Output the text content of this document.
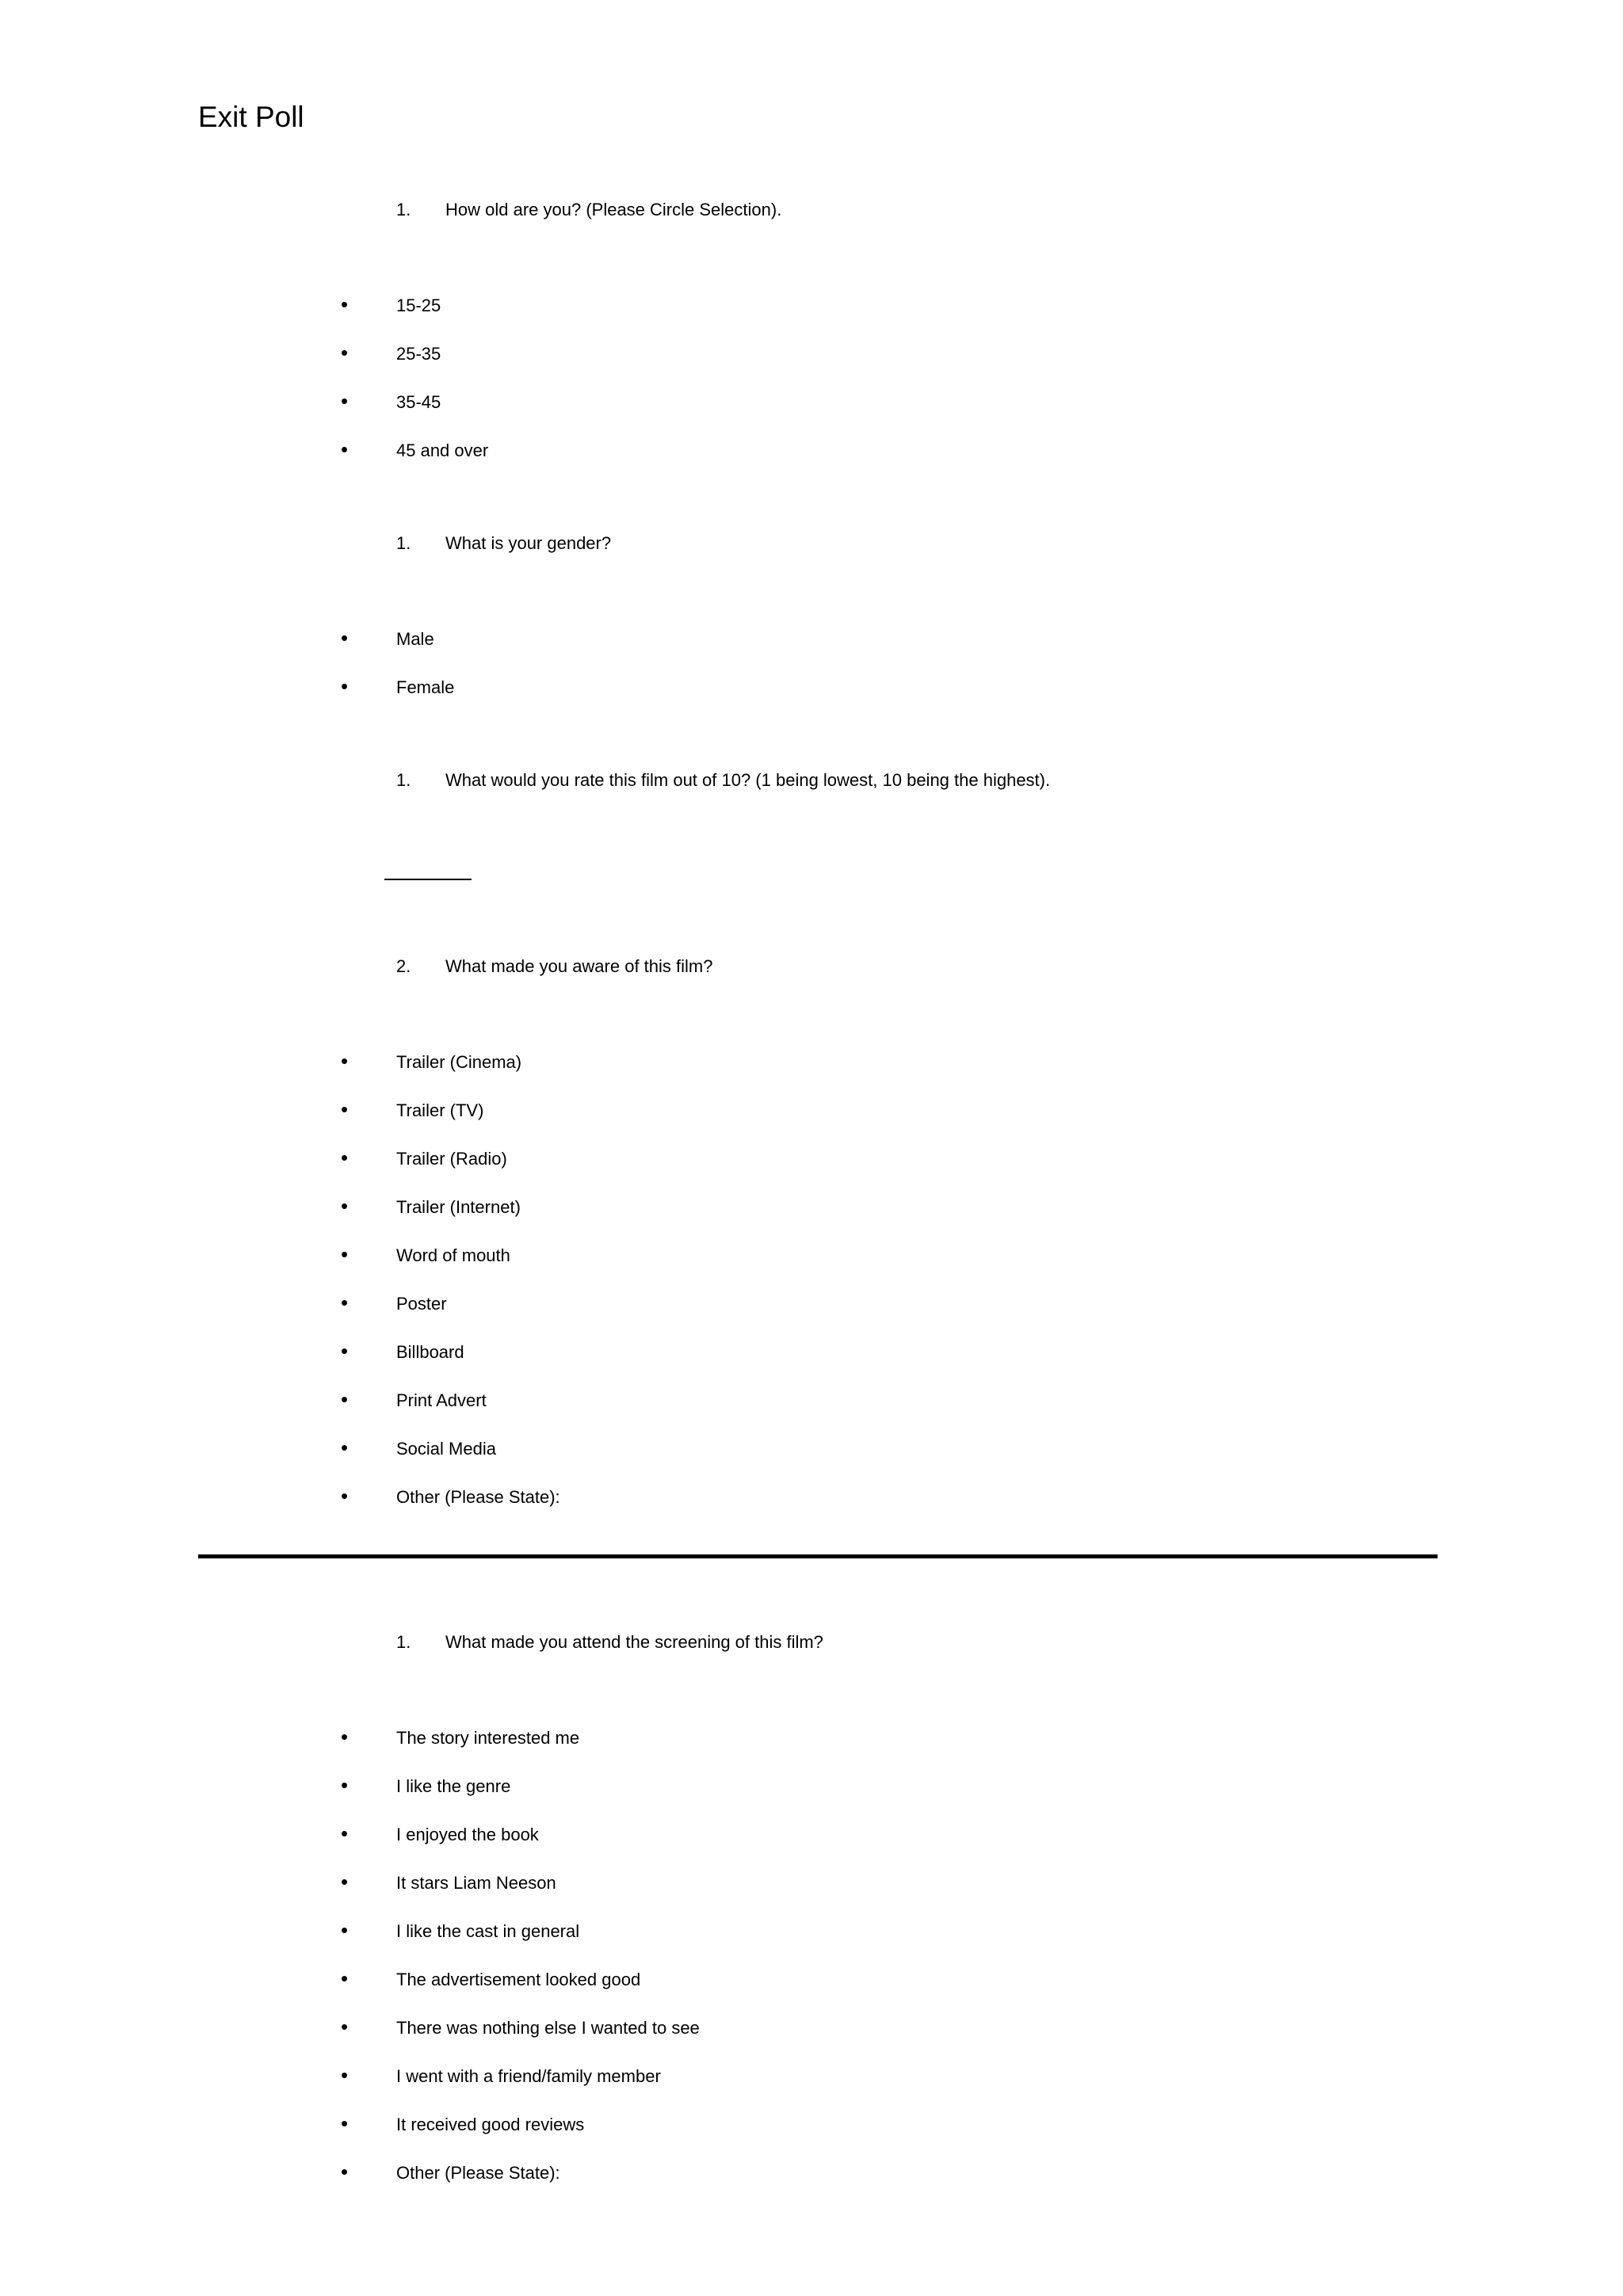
Exit Poll
1. How old are you? (Please Circle Selection).
•	15-25
•	25-35
•	35-45
•	45 and over
1. What is your gender?
•	Male
•	Female
1. What would you rate this film out of 10? (1 being lowest, 10 being the highest).
2. What made you aware of this film?
•	Trailer (Cinema)
•	Trailer (TV)
•	Trailer (Radio)
•	Trailer (Internet)
•	Word of mouth
•	Poster
•	Billboard
•	Print Advert
•	Social Media
•	Other (Please State):
1. What made you attend the screening of this film?
•	The story interested me
•	I like the genre
•	I enjoyed the book
•	It stars Liam Neeson
•	I like the cast in general
•	The advertisement looked good
•	There was nothing else I wanted to see
•	I went with a friend/family member
•	It received good reviews
•	Other (Please State):
